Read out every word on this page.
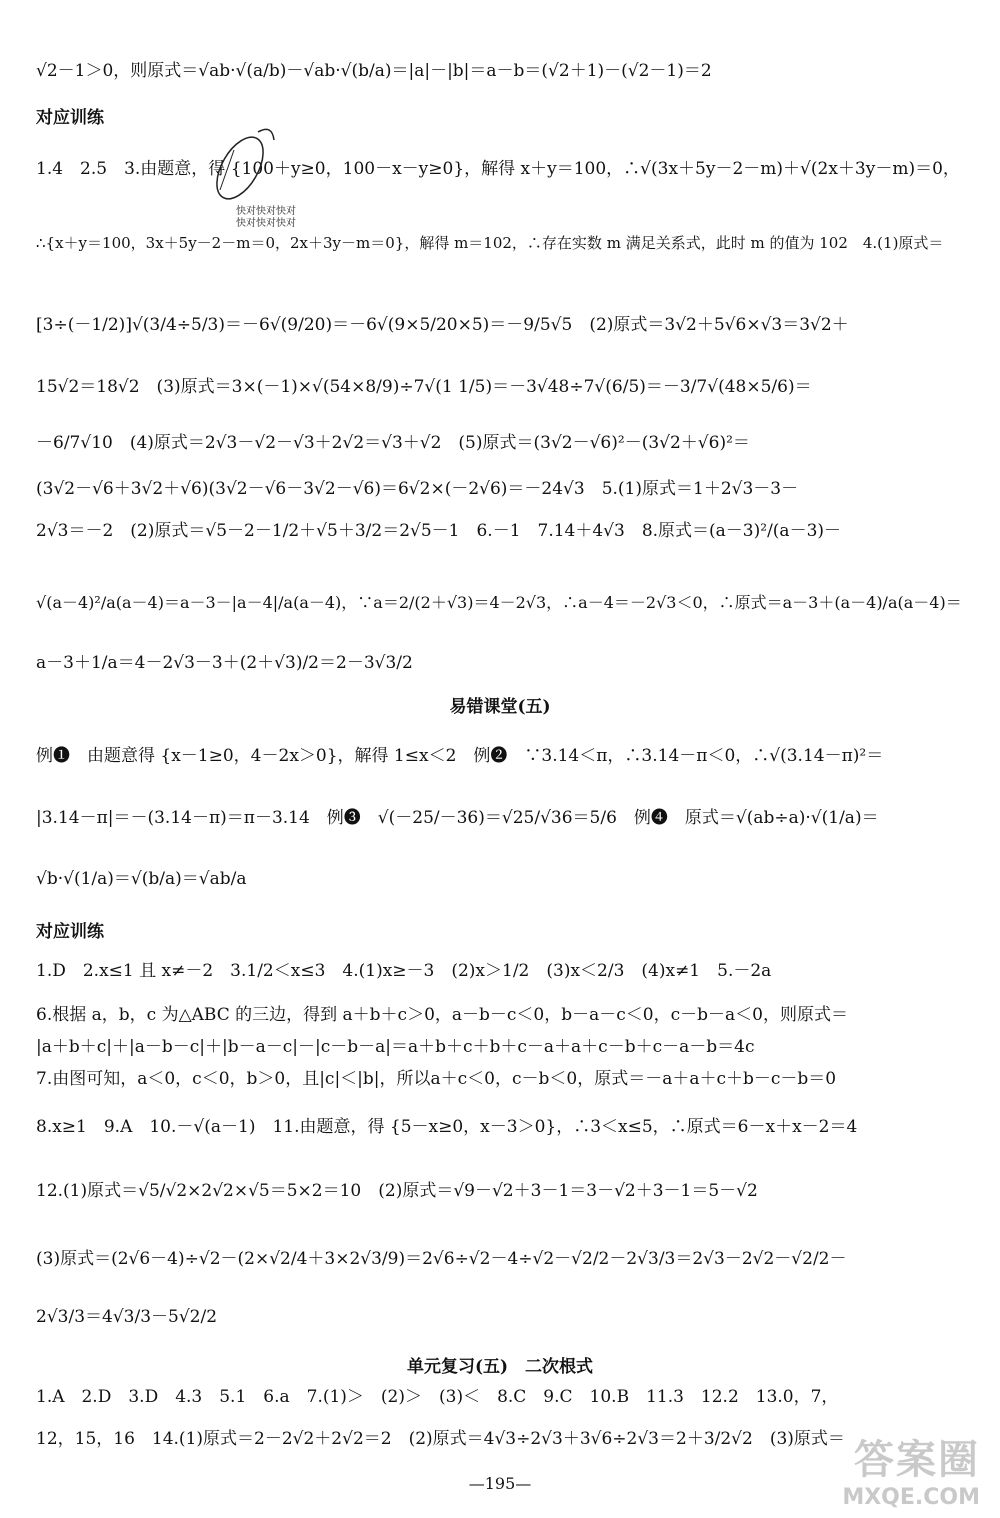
√2－1＞0，则原式＝√ab·√(a/b)－√ab·√(b/a)＝|a|－|b|＝a－b＝(√2＋1)－(√2－1)＝2
对应训练
1.4　2.5　3.由题意，得 {100＋y≥0，100－x－y≥0}，解得 x＋y＝100，∴√(3x＋5y－2－m)＋√(2x＋3y－m)＝0，
∴{x＋y＝100，3x＋5y－2－m＝0，2x＋3y－m＝0}，解得 m＝102，∴存在实数 m 满足关系式，此时 m 的值为 102　4.(1)原式＝
[3÷(－1/2)]√(3/4÷5/3)＝－6√(9/20)＝－6√(9×5/20×5)＝－9/5√5　(2)原式＝3√2＋5√6×√3＝3√2＋
15√2＝18√2　(3)原式＝3×(－1)×√(54×8/9)÷7√(1 1/5)＝－3√48÷7√(6/5)＝－3/7√(48×5/6)＝
－6/7√10　(4)原式＝2√3－√2－√3＋2√2＝√3＋√2　(5)原式＝(3√2－√6)²－(3√2＋√6)²＝
(3√2－√6＋3√2＋√6)(3√2－√6－3√2－√6)＝6√2×(－2√6)＝－24√3　5.(1)原式＝1＋2√3－3－
2√3＝－2　(2)原式＝√5－2－1/2＋√5＋3/2＝2√5－1　6.－1　7.14＋4√3　8.原式＝(a－3)²/(a－3)－
√(a－4)²/a(a－4)＝a－3－|a－4|/a(a－4)，∵a＝2/(2＋√3)＝4－2√3，∴a－4＝－2√3＜0，∴原式＝a－3＋(a－4)/a(a－4)＝
a－3＋1/a＝4－2√3－3＋(2＋√3)/2＝2－3√3/2
快对快对快对
快对快对快对
易错课堂(五)
例❶　由题意得 {x－1≥0，4－2x＞0}，解得 1≤x＜2　例❷　∵3.14＜π，∴3.14－π＜0，∴√(3.14－π)²＝
|3.14－π|＝－(3.14－π)＝π－3.14　例❸　√(－25/－36)＝√25/√36＝5/6　例❹　原式＝√(ab÷a)·√(1/a)＝
√b·√(1/a)＝√(b/a)＝√ab/a
对应训练
1.D　2.x≤1 且 x≠－2　3.1/2＜x≤3　4.(1)x≥－3　(2)x＞1/2　(3)x＜2/3　(4)x≠1　5.－2a
6.根据 a，b，c 为△ABC 的三边，得到 a＋b＋c＞0，a－b－c＜0，b－a－c＜0，c－b－a＜0，则原式＝
|a＋b＋c|＋|a－b－c|＋|b－a－c|－|c－b－a|＝a＋b＋c＋b＋c－a＋a＋c－b＋c－a－b＝4c
7.由图可知，a＜0，c＜0，b＞0，且|c|＜|b|，所以a＋c＜0，c－b＜0，原式＝－a＋a＋c＋b－c－b＝0
8.x≥1　9.A　10.－√(a－1)　11.由题意，得 {5－x≥0，x－3＞0}，∴3＜x≤5，∴原式＝6－x＋x－2＝4
12.(1)原式＝√5/√2×2√2×√5＝5×2＝10　(2)原式＝√9－√2＋3－1＝3－√2＋3－1＝5－√2
(3)原式＝(2√6－4)÷√2－(2×√2/4＋3×2√3/9)＝2√6÷√2－4÷√2－√2/2－2√3/3＝2√3－2√2－√2/2－
2√3/3＝4√3/3－5√2/2
单元复习(五)　二次根式
1.A　2.D　3.D　4.3　5.1　6.a　7.(1)＞　(2)＞　(3)＜　8.C　9.C　10.B　11.3　12.2　13.0，7，
12，15，16　14.(1)原式＝2－2√2＋2√2＝2　(2)原式＝4√3÷2√3＋3√6÷2√3＝2＋3/2√2　(3)原式＝
—195—
答案圈
MXQE.COM
